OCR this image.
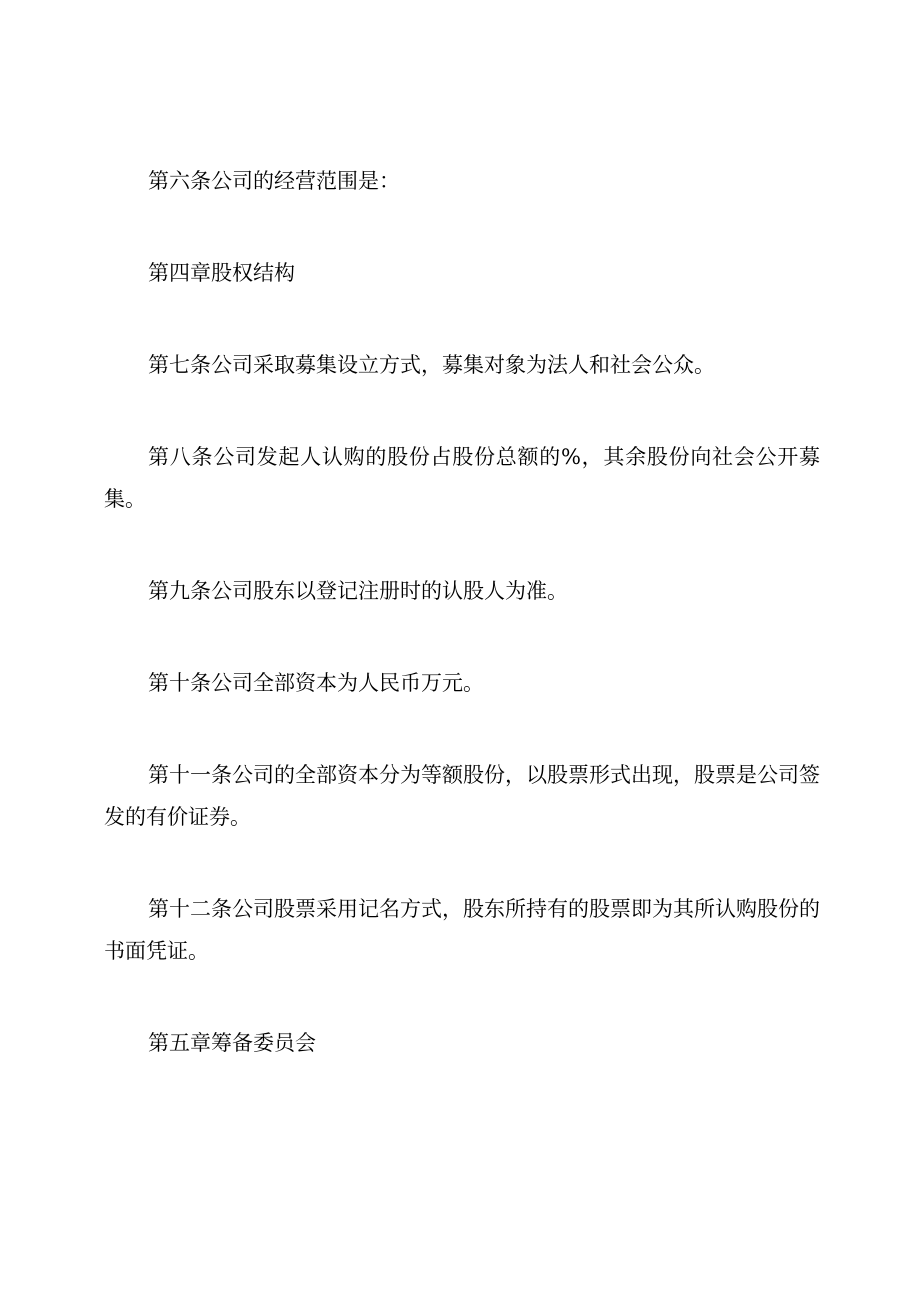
第六条公司的经营范围是：

第四章股权结构

第七条公司采取募集设立方式，募集对象为法人和社会公众。

第八条公司发起人认购的股份占股份总额的%，其余股份向社会公开募集。

第九条公司股东以登记注册时的认股人为准。

第十条公司全部资本为人民币万元。

第十一条公司的全部资本分为等额股份，以股票形式出现，股票是公司签发的有价证券。

第十二条公司股票采用记名方式，股东所持有的股票即为其所认购股份的书面凭证。

第五章筹备委员会
